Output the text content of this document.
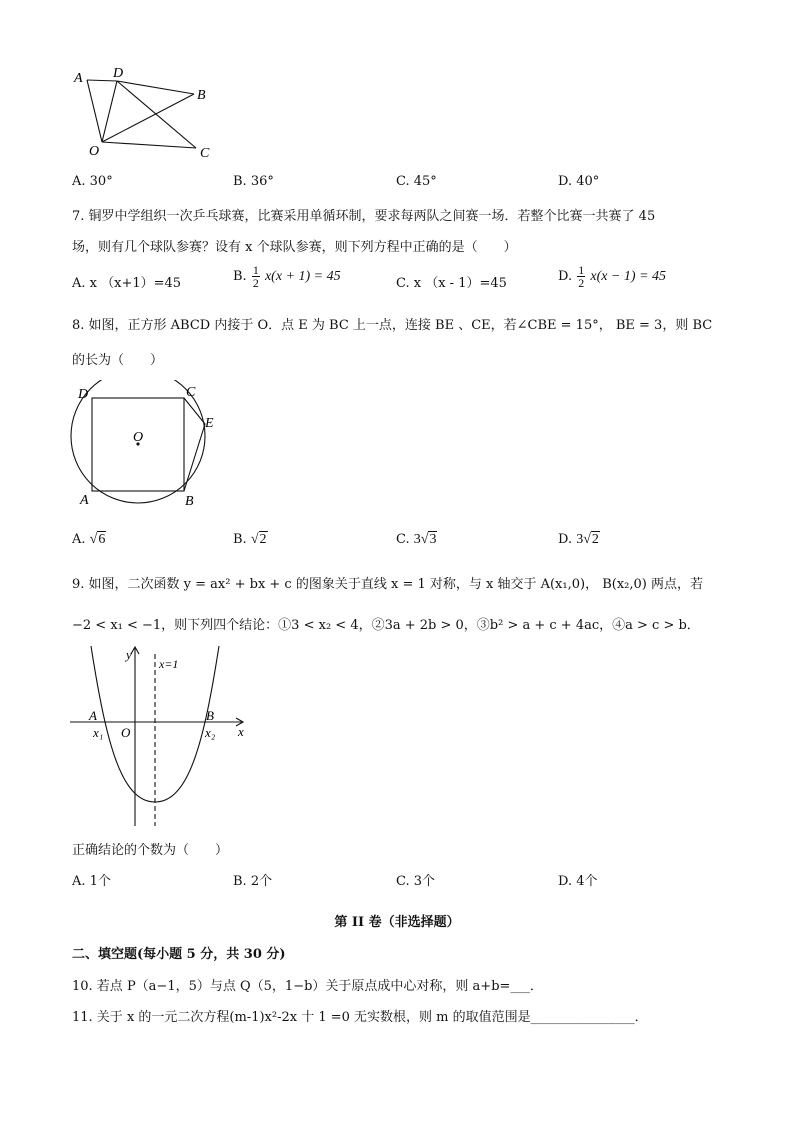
A D
B
O	C
A. 30°	B. 36°	C. 45°	D. 40°
7. 铜罗中学组织一次乒乓球赛，比赛采用单循环制，要求每两队之间赛一场．若整个比赛一共赛了 45
场，则有几个球队参赛？设有 x 个球队参赛，则下列方程中正确的是（　　）
A. x （x+1）=45	B. $\frac{1}{2} x(x + 1) = 45$	C. x （x - 1）=45	D. $\frac{1}{2} x(x - 1) = 45$
8. 如图，正方形 ABCD 内接于 O．点 E 为 BC 上一点，连接 BE 、CE，若∠CBE = 15°， BE = 3，则 BC
的长为（　　）
D	C
E
O
A	B
A. √6	B. √2	C. 3√3	D. 3√2
9. 如图，二次函数 y = ax² + bx + c 的图象关于直线 x = 1 对称，与 x 轴交于 A(x₁,0)， B(x₂,0) 两点，若
−2 < x₁ < −1，则下列四个结论：①3 < x₂ < 4，②3a + 2b > 0，③b² > a + c + 4ac，④a > c > b．
y
x
x=1
A	B
O
x₁	x₂
正确结论的个数为（　　）
A. 1个	B. 2个	C. 3个	D. 4个
第 II 卷（非选择题）
二、填空题(每小题 5 分，共 30 分)
10. 若点 P（a−1，5）与点 Q（5，1−b）关于原点成中心对称，则 a+b=___．
11. 关于 x 的一元二次方程(m-1)x²-2x 十 1 =0 无实数根，则 m 的取值范围是________________．
